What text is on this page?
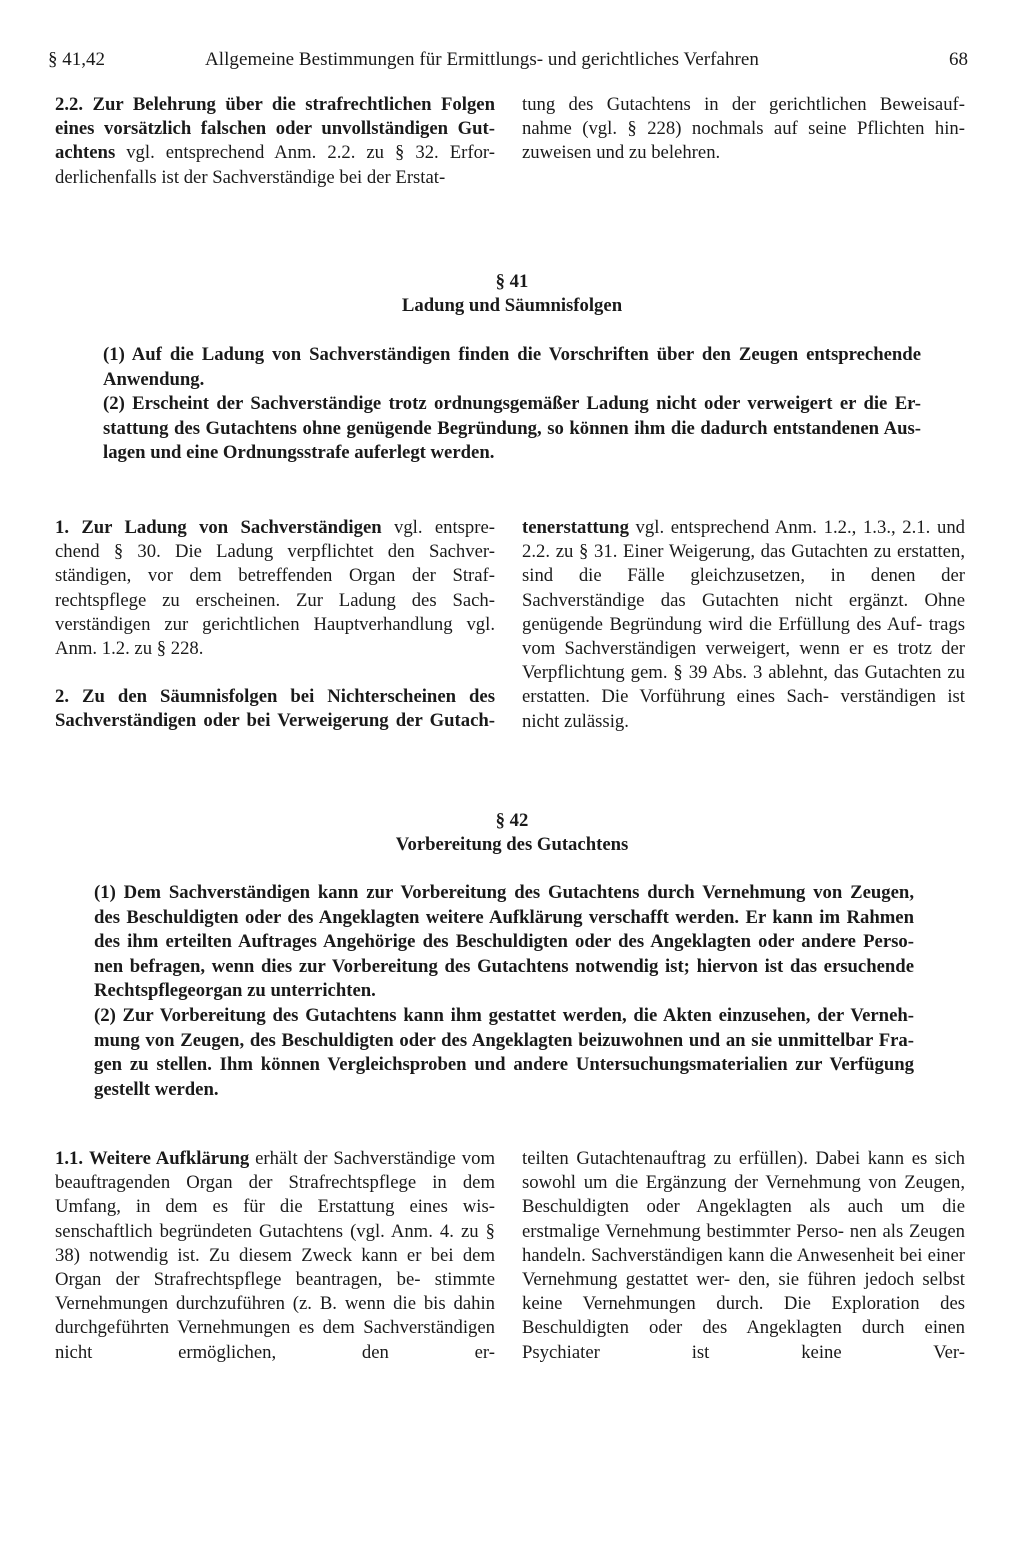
§ 41,42	Allgemeine Bestimmungen für Ermittlungs- und gerichtliches Verfahren	68

2.2. Zur Belehrung über die strafrechtlichen Folgen eines vorsätzlich falschen oder unvollständigen Gut- achtens vgl. entsprechend Anm. 2.2. zu § 32. Erfor- derlichenfalls ist der Sachverständige bei der Erstat-

tung des Gutachtens in der gerichtlichen Beweisauf- nahme (vgl. § 228) nochmals auf seine Pflichten hin- zuweisen und zu belehren.

§ 41
Ladung und Säumnisfolgen

(1) Auf die Ladung von Sachverständigen finden die Vorschriften über den Zeugen entsprechende

Anwendung.

(2) Erscheint der Sachverständige trotz ordnungsgemäßer Ladung nicht oder verweigert er die Er-

stattung des Gutachtens ohne genügende Begründung, so können ihm die dadurch entstandenen Aus-

lagen und eine Ordnungsstrafe auferlegt werden.

1. Zur Ladung von Sachverständigen vgl. entspre- chend § 30. Die Ladung verpflichtet den Sachver- ständigen, vor dem betreffenden Organ der Straf- rechtspflege zu erscheinen. Zur Ladung des Sach- verständigen zur gerichtlichen Hauptverhandlung vgl. Anm. 1.2. zu § 228.

2. Zu den Säumnisfolgen bei Nichterscheinen des Sachverständigen oder bei Verweigerung der Gutach-

tenerstattung vgl. entsprechend Anm. 1.2., 1.3., 2.1. und 2.2. zu § 31. Einer Weigerung, das Gutachten zu erstatten, sind die Fälle gleichzusetzen, in denen der Sachverständige das Gutachten nicht ergänzt. Ohne genügende Begründung wird die Erfüllung des Auf- trags vom Sachverständigen verweigert, wenn er es trotz der Verpflichtung gem. § 39 Abs. 3 ablehnt, das Gutachten zu erstatten. Die Vorführung eines Sach- verständigen ist nicht zulässig.

§ 42
Vorbereitung des Gutachtens

(1) Dem Sachverständigen kann zur Vorbereitung des Gutachtens durch Vernehmung von Zeugen,

des Beschuldigten oder des Angeklagten weitere Aufklärung verschafft werden. Er kann im Rahmen

des ihm erteilten Auftrages Angehörige des Beschuldigten oder des Angeklagten oder andere Perso-

nen befragen, wenn dies zur Vorbereitung des Gutachtens notwendig ist; hiervon ist das ersuchende

Rechtspflegeorgan zu unterrichten.

(2) Zur Vorbereitung des Gutachtens kann ihm gestattet werden, die Akten einzusehen, der Verneh-

mung von Zeugen, des Beschuldigten oder des Angeklagten beizuwohnen und an sie unmittelbar Fra-

gen zu stellen. Ihm können Vergleichsproben und andere Untersuchungsmaterialien zur Verfügung

gestellt werden.

1.1. Weitere Aufklärung erhält der Sachverständige vom beauftragenden Organ der Strafrechtspflege in dem Umfang, in dem es für die Erstattung eines wis- senschaftlich begründeten Gutachtens (vgl. Anm. 4. zu § 38) notwendig ist. Zu diesem Zweck kann er bei dem Organ der Strafrechtspflege beantragen, be- stimmte Vernehmungen durchzuführen (z. B. wenn die bis dahin durchgeführten Vernehmungen es dem Sachverständigen nicht ermöglichen, den er-

teilten Gutachtenauftrag zu erfüllen). Dabei kann es sich sowohl um die Ergänzung der Vernehmung von Zeugen, Beschuldigten oder Angeklagten als auch um die erstmalige Vernehmung bestimmter Perso- nen als Zeugen handeln. Sachverständigen kann die Anwesenheit bei einer Vernehmung gestattet wer- den, sie führen jedoch selbst keine Vernehmungen durch. Die Exploration des Beschuldigten oder des Angeklagten durch einen Psychiater ist keine Ver-
